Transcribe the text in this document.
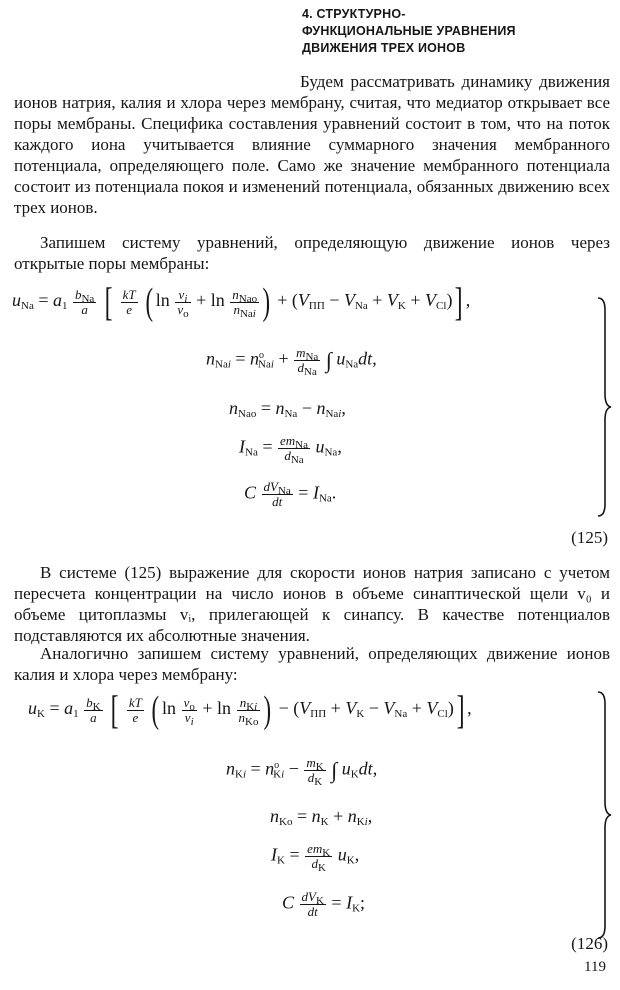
4. СТРУКТУРНО-
ФУНКЦИОНАЛЬНЫЕ УРАВНЕНИЯ
ДВИЖЕНИЯ ТРЕХ ИОНОВ

Будем рассматривать динамику движения ионов натрия, калия и хлора через мембрану, считая, что медиатор открывает все поры мембраны. Специфика составления уравнений состоит в том, что на поток каждого иона учитывается влияние суммарного значения мембранного потенциала, определяющего поле. Само же значение мембранного потенциала состоит из потенциала покоя и изменений потенциала, обязанных движению всех трех ионов.

Запишем систему уравнений, определяющую движение ионов через открытые поры мембраны:

$u_{Na} = a_1$
$b_{Na}$
a [ $\frac{kT}{e}$ ( $\ln \frac{v_i}{v_o} + \ln n_{Nao}$
$n_{Nai}$ ) + $(V_{ПП} - V_{Na} + V_K + V_{Cl})$] ,
$n_{Nai} = n^o_{Nai} + m_{Na}$
$d_{Na}$ ∫ $u_{Na}dt$,
$n_{Nao} = n_{Na} - n_{Nai}$,
$I_{Na} = em_{Na}$
$d_{Na}$
$u_{Na}$,
C $dV_{Na}$
dt = $I_{Na}$.
(125)

В системе (125) выражение для скорости ионов натрия записано с учетом пересчета концентрации на число ионов в объеме синаптической щели v₀ и объеме цитоплазмы vᵢ, прилегающей к синапсу. В качестве потенциалов подставляются их абсолютные значения.

Аналогично запишем систему уравнений, определяющих движение ионов калия и хлора через мембрану:

$u_K = a_1 \frac{b_K}{a}$ [ $\frac{kT}{e}$ ( $\ln \frac{v_o}{v_i} + \ln n_{Ki}$
$n_{Ko}$ ) − $(V_{ПП} + V_K - V_{Na} + V_{Cl})$] ,
$n_{Ki} = n^o_{Ki} - \frac{m_K}{d_K}$ ∫ $u_Kdt$,
$n_{Ko} = n_K + n_{Ki}$,
$I_K = em_K$
$d_K$
$u_K$,
C $dV_K$
dt = $I_K$;
(126)
119
